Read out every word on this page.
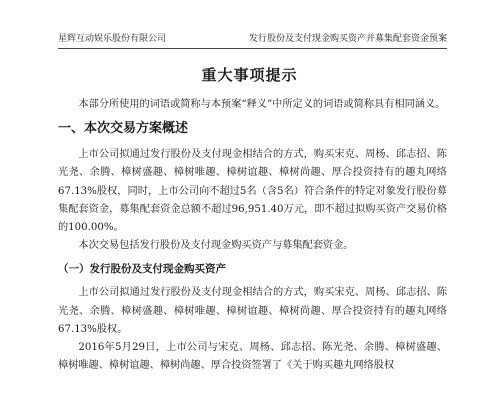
星辉互动娱乐股份有限公司	发行股份及支付现金购买资产并募集配套资金预案
重大事项提示

本部分所使用的词语或简称与本预案“释义”中所定义的词语或简称具有相同涵义。

一、本次交易方案概述

上市公司拟通过发行股份及支付现金相结合的方式，购买宋克、周杨、邱志招、陈光尧、余腾、樟树盛趣、樟树唯趣、樟树谊趣、樟树尚趣、厚合投资持有的趣丸网络67.13%股权，同时，上市公司向不超过5名（含5名）符合条件的特定对象发行股份募集配套资金，募集配套资金总额不超过96,951.40万元，即不超过拟购买资产交易价格的100.00%。

本次交易包括发行股份及支付现金购买资产与募集配套资金。

（一）发行股份及支付现金购买资产

上市公司拟通过发行股份及支付现金相结合的方式，购买宋克、周杨、邱志招、陈光尧、余腾、樟树盛趣、樟树唯趣、樟树谊趣、樟树尚趣、厚合投资持有的趣丸网络67.13%股权。

2016年5月29日，上市公司与宋克、周杨、邱志招、陈光尧、余腾、樟树盛趣、樟树唯趣、樟树谊趣、樟树尚趣、厚合投资签署了《关于购买趣丸网络股权
